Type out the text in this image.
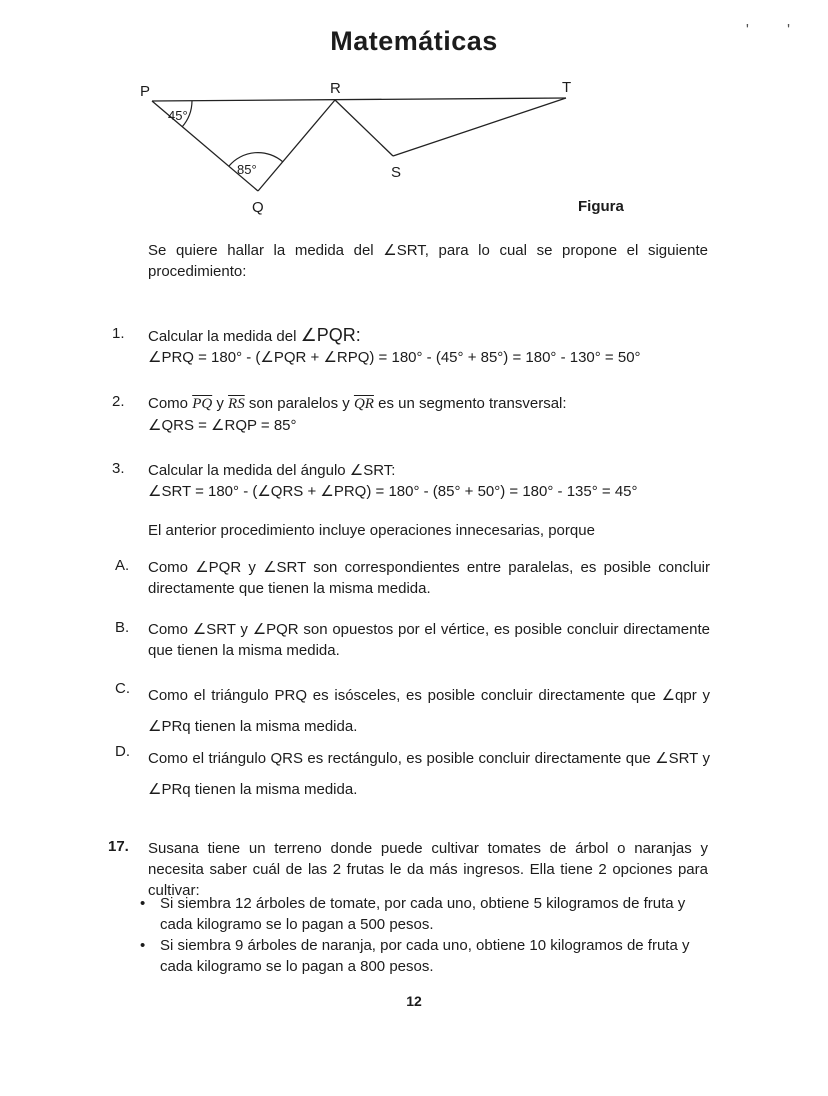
Matemáticas	' '
P	R	T
Q
S
45°
85°
Figura
Se quiere hallar la medida del ∠SRT, para lo cual se propone el siguiente procedimiento:
1. Calcular la medida del ∠PQR:
∠PRQ = 180° - (∠PQR + ∠RPQ) = 180° - (45° + 85°) = 180° - 130° = 50°
2. Como $\overline{PQ}$ y $\overline{RS}$ son paralelos y $\overline{QR}$ es un segmento transversal:
∠QRS = ∠RQP = 85°
3. Calcular la medida del ángulo ∠SRT:
∠SRT = 180° - (∠QRS + ∠PRQ) = 180° - (85° + 50°) = 180° - 135° = 45°
El anterior procedimiento incluye operaciones innecesarias, porque
A. Como ∠PQR y ∠SRT son correspondientes entre paralelas, es posible concluir directamente que tienen la misma medida.
B. Como ∠SRT y ∠PQR son opuestos por el vértice, es posible concluir directamente que tienen la misma medida.
C. Como el triángulo PRQ es isósceles, es posible concluir directamente que ∠qpr y ∠PRq tienen la misma medida.
D. Como el triángulo QRS es rectángulo, es posible concluir directamente que ∠SRT y ∠PRq tienen la misma medida.
17. Susana tiene un terreno donde puede cultivar tomates de árbol o naranjas y necesita saber cuál de las 2 frutas le da más ingresos. Ella tiene 2 opciones para cultivar:
• Si siembra 12 árboles de tomate, por cada uno, obtiene 5 kilogramos de fruta y cada kilogramo se lo pagan a 500 pesos.
• Si siembra 9 árboles de naranja, por cada uno, obtiene 10 kilogramos de fruta y cada kilogramo se lo pagan a 800 pesos.
12
